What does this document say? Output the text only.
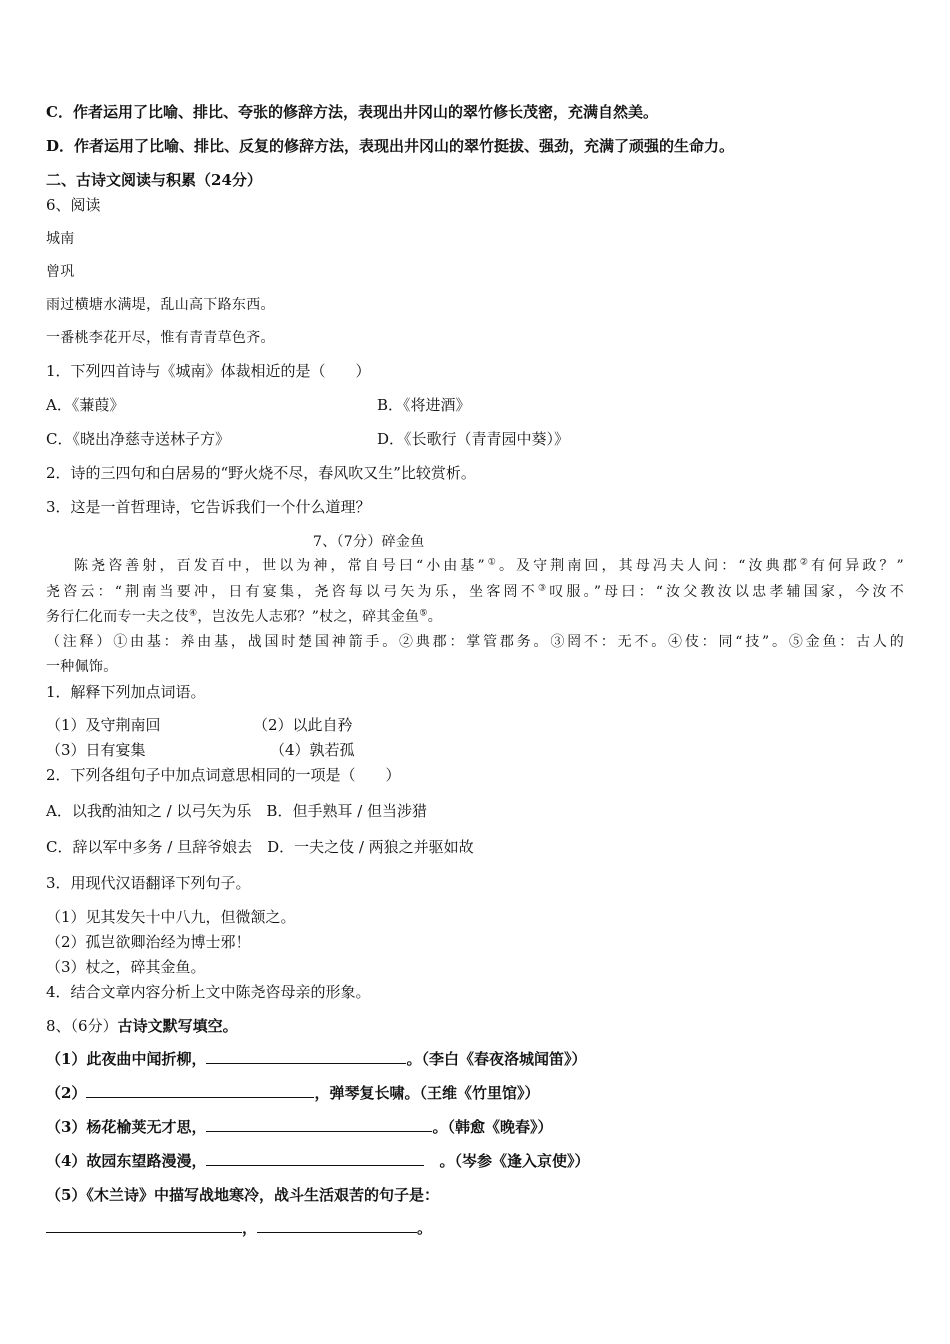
C．作者运用了比喻、排比、夸张的修辞方法，表现出井冈山的翠竹修长茂密，充满自然美。
D．作者运用了比喻、排比、反复的修辞方法，表现出井冈山的翠竹挺拔、强劲，充满了顽强的生命力。
二、古诗文阅读与积累（24分）
6、阅读
城南
曾巩
雨过横塘水满堤，乱山高下路东西。
一番桃李花开尽，惟有青青草色齐。
1．下列四首诗与《城南》体裁相近的是（　　）
A．《蒹葭》	B．《将进酒》
C．《晓出净慈寺送林子方》	D．《长歌行（青青园中葵）》
2．诗的三四句和白居易的“野火烧不尽，春风吹又生”比较赏析。
3．这是一首哲理诗，它告诉我们一个什么道理？
7、（7分）碎金鱼
陈尧咨善射，百发百中，世以为神，常自号曰“小由基”①。及守荆南回，其母冯夫人问：“汝典郡②有何异政？”
尧咨云：“荆南当要冲，日有宴集，尧咨每以弓矢为乐，坐客罔不③叹服。”母曰：“汝父教汝以忠孝辅国家，今汝不
务行仁化而专一夫之伎④，岂汝先人志邪？”杖之，碎其金鱼⑤。
（注释）①由基：养由基，战国时楚国神箭手。②典郡：掌管郡务。③罔不：无不。④伎：同“技”。⑤金鱼：古人的
一种佩饰。
1．解释下列加点词语。
（1）及守荆南回	（2）以此自矜
（3）日有宴集	（4）孰若孤
2．下列各组句子中加点词意思相同的一项是（　　）
A．以我酌油知之 / 以弓矢为乐　B．但手熟耳 / 但当涉猎
C．辞以军中多务 / 旦辞爷娘去　D．一夫之伎 / 两狼之并驱如故
3．用现代汉语翻译下列句子。
（1）见其发矢十中八九，但微颔之。
（2）孤岂欲卿治经为博士邪！
（3）杖之，碎其金鱼。
4．结合文章内容分析上文中陈尧咨母亲的形象。
8、（6分）古诗文默写填空。
（1）此夜曲中闻折柳，	。（李白《春夜洛城闻笛》）
（2）	，弹琴复长啸。（王维《竹里馆》）
（3）杨花榆荚无才思，	。（韩愈《晚春》）
（4）故园东望路漫漫，	　。（岑参《逢入京使》）
（5）《木兰诗》中描写战地寒冷，战斗生活艰苦的句子是：
，	。
